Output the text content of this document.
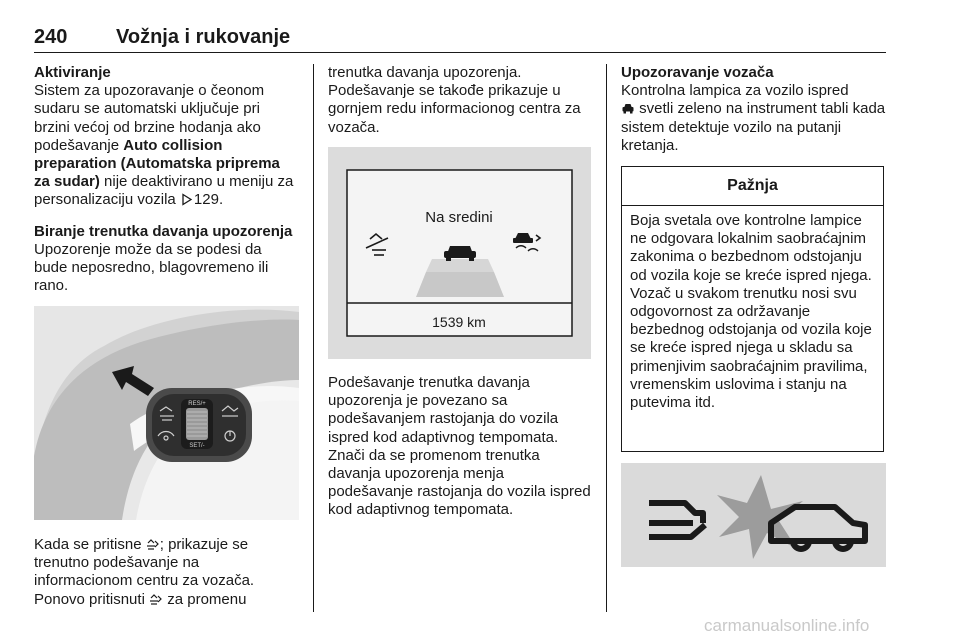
240 Vožnja i rukovanje

Aktiviranje

Sistem za upozoravanje o čeonom sudaru se automatski uključuje pri brzini većoj od brzine hodanja ako podešavanje Auto collision preparation (Automatska priprema za sudar) nije deaktivirano u meniju za personalizaciju vozila 129.

Biranje trenutka davanja upozorenja

Upozorenje može da se podesi da bude neposredno, blagovremeno ili rano.

RES/+
SET/-

Kada se pritisne ; prikazuje se trenutno podešavanje na informacionom centru za vozača. Ponovo pritisnuti  za promenu

trenutka davanja upozorenja. Podešavanje se takođe prikazuje u gornjem redu informacionog centra za vozača.

Na sredini
1539 km

Podešavanje trenutka davanja upozorenja je povezano sa podešavanjem rastojanja do vozila ispred kod adaptivnog tempomata. Znači da se promenom trenutka davanja upozorenja menja podešavanje rastojanja do vozila ispred kod adaptivnog tempomata.

Upozoravanje vozača

Kontrolna lampica za vozilo ispred
svetli zeleno na instrument tabli kada sistem detektuje vozilo na putanji kretanja.

Pažnja
Boja svetala ove kontrolne lampice ne odgovara lokalnim saobraćajnim zakonima o bezbednom odstojanju od vozila koje se kreće ispred njega. Vozač u svakom trenutku nosi svu odgovornost za održavanje bezbednog odstojanja od vozila koje se kreće ispred njega u skladu sa primenjivim saobraćajnim pravilima, vremenskim uslovima i stanju na putevima itd.
carmanualsonline.info
